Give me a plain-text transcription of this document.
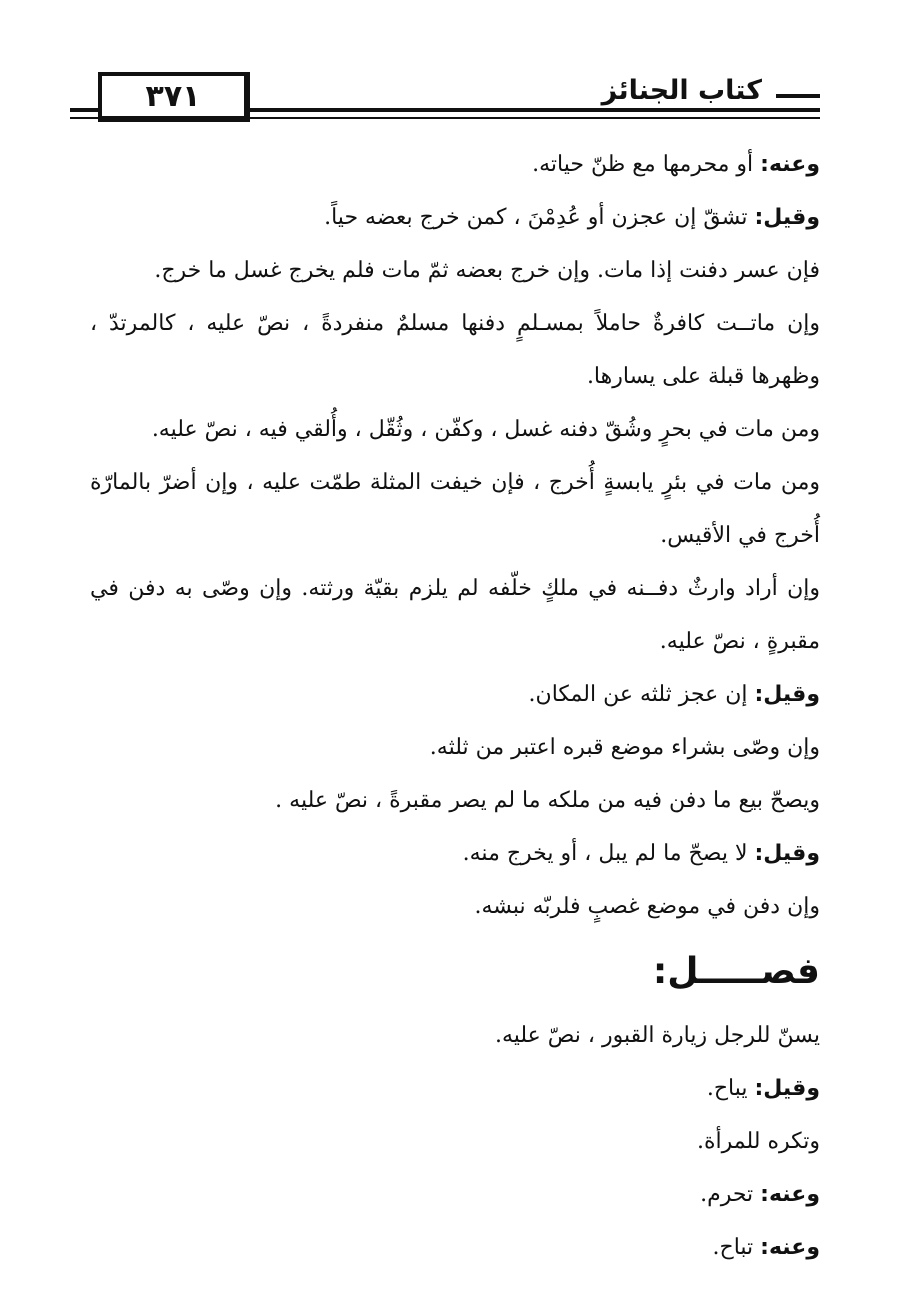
٣٧١	كتاب الجنائز

وعنه: أو محرمها مع ظنّ حياته.

وقيل: تشقّ إن عجزن أو عُدِمْنَ ، كمن خرج بعضه حياً.

فإن عسر دفنت إذا مات. وإن خرج بعضه ثمّ مات فلم يخرج غسل ما خرج.

وإن ماتــت كافرةٌ حاملاً بمسـلمٍ دفنها مسلمٌ منفردةً ، نصّ عليه ، كالمرتدّ ، وظهرها قبلة على يسارها.

ومن مات في بحرٍ وشُقّ دفنه غسل ، وكفّن ، وثُقّل ، وأُلقي فيه ، نصّ عليه.

ومن مات في بئرٍ يابسةٍ أُخرج ، فإن خيفت المثلة طمّت عليه ، وإن أضرّ بالمارّة أُخرج في الأقيس.

وإن أراد وارثٌ دفــنه في ملكٍ خلّفه لم يلزم بقيّة ورثته. وإن وصّى به دفن في مقبرةٍ ، نصّ عليه.

وقيل: إن عجز ثلثه عن المكان.

وإن وصّى بشراء موضع قبره اعتبر من ثلثه.

ويصحّ بيع ما دفن فيه من ملكه ما لم يصر مقبرةً ، نصّ عليه .

وقيل: لا يصحّ ما لم يبل ، أو يخرج منه.

وإن دفن في موضع غصبٍ فلربّه نبشه.

فصـــــل:

يسنّ للرجل زيارة القبور ، نصّ عليه.

وقيل: يباح.

وتكره للمرأة.

وعنه: تحرم.

وعنه: تباح.
